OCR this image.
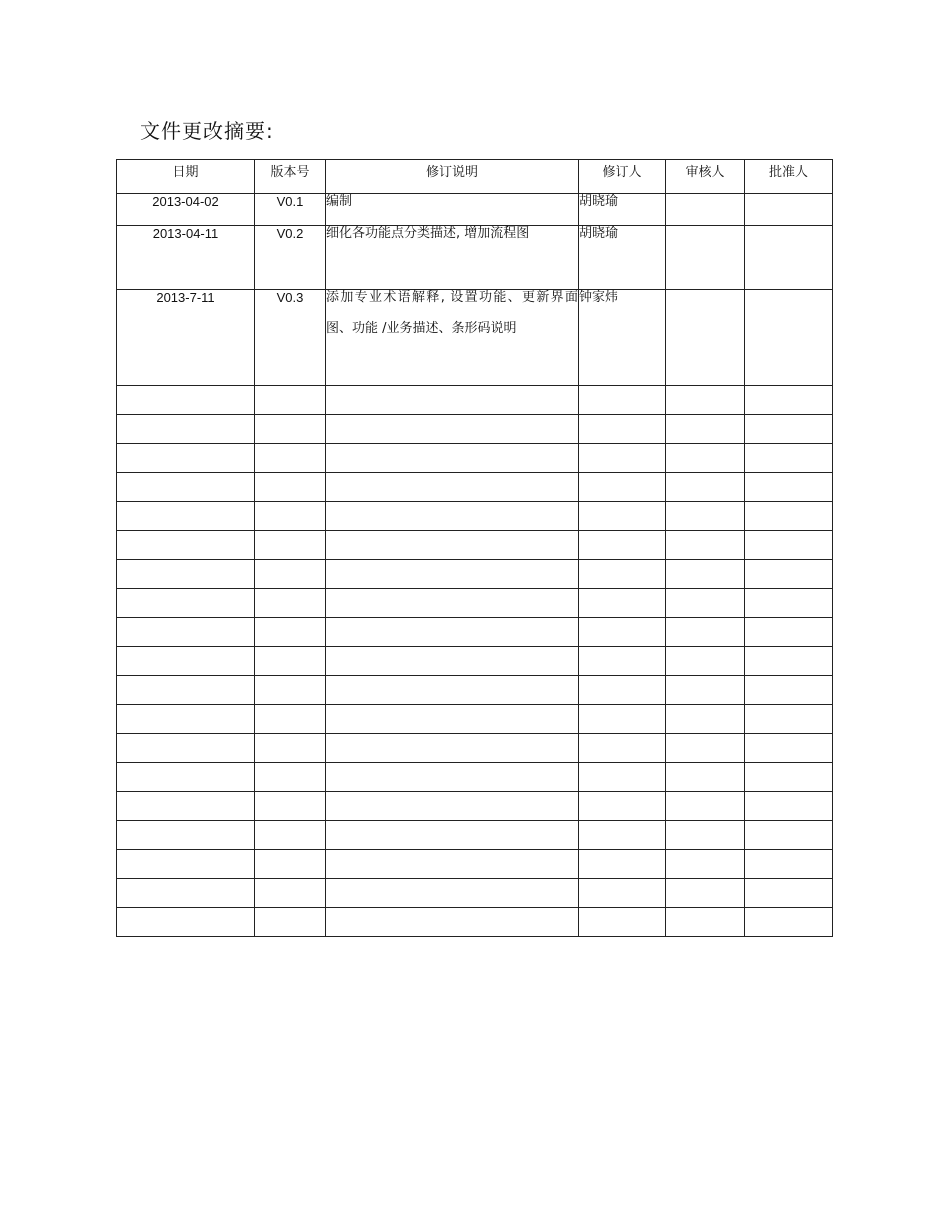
文件更改摘要:
日期	版本号	修订说明	修订人	审核人	批准人
2013-04-02	V0.1	编制	胡晓瑜		
2013-04-11	V0.2	细化各功能点分类描述, 增加流程图	胡晓瑜		
2013-7-11	V0.3	添加专业术语解释, 设置功能、更新界面图、功能 /业务描述、条形码说明	钟家炜		
